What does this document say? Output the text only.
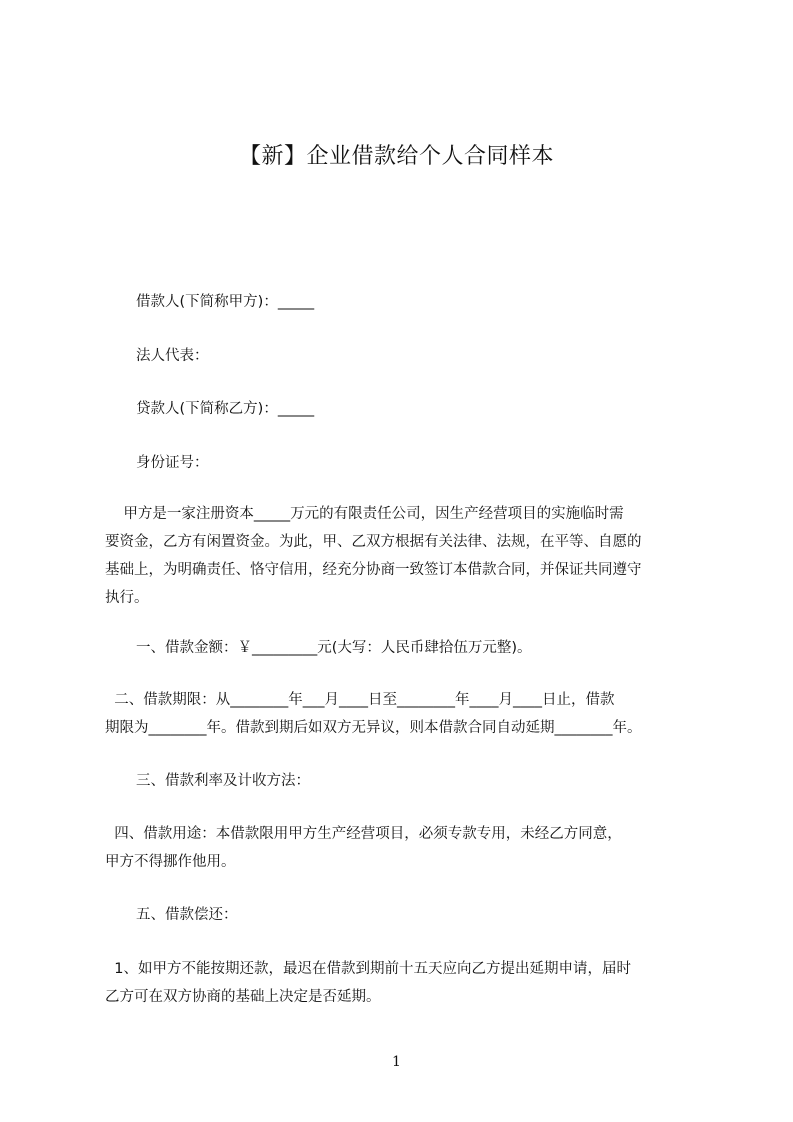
【新】企业借款给个人合同样本
借款人(下简称甲方)：_____
法人代表：
贷款人(下简称乙方)：_____
身份证号：
甲方是一家注册资本_____万元的有限责任公司，因生产经营项目的实施临时需
要资金，乙方有闲置资金。为此，甲、乙双方根据有关法律、法规，在平等、自愿的
基础上，为明确责任、恪守信用，经充分协商一致签订本借款合同，并保证共同遵守
执行。
一、借款金额：￥_________元(大写：人民币肆拾伍万元整)。
二、借款期限：从________年___月____日至________年____月____日止，借款
期限为________年。借款到期后如双方无异议，则本借款合同自动延期________年。
三、借款利率及计收方法：
四、借款用途：本借款限用甲方生产经营项目，必须专款专用，未经乙方同意，
甲方不得挪作他用。
五、借款偿还：
1、如甲方不能按期还款，最迟在借款到期前十五天应向乙方提出延期申请，届时
乙方可在双方协商的基础上决定是否延期。
1
